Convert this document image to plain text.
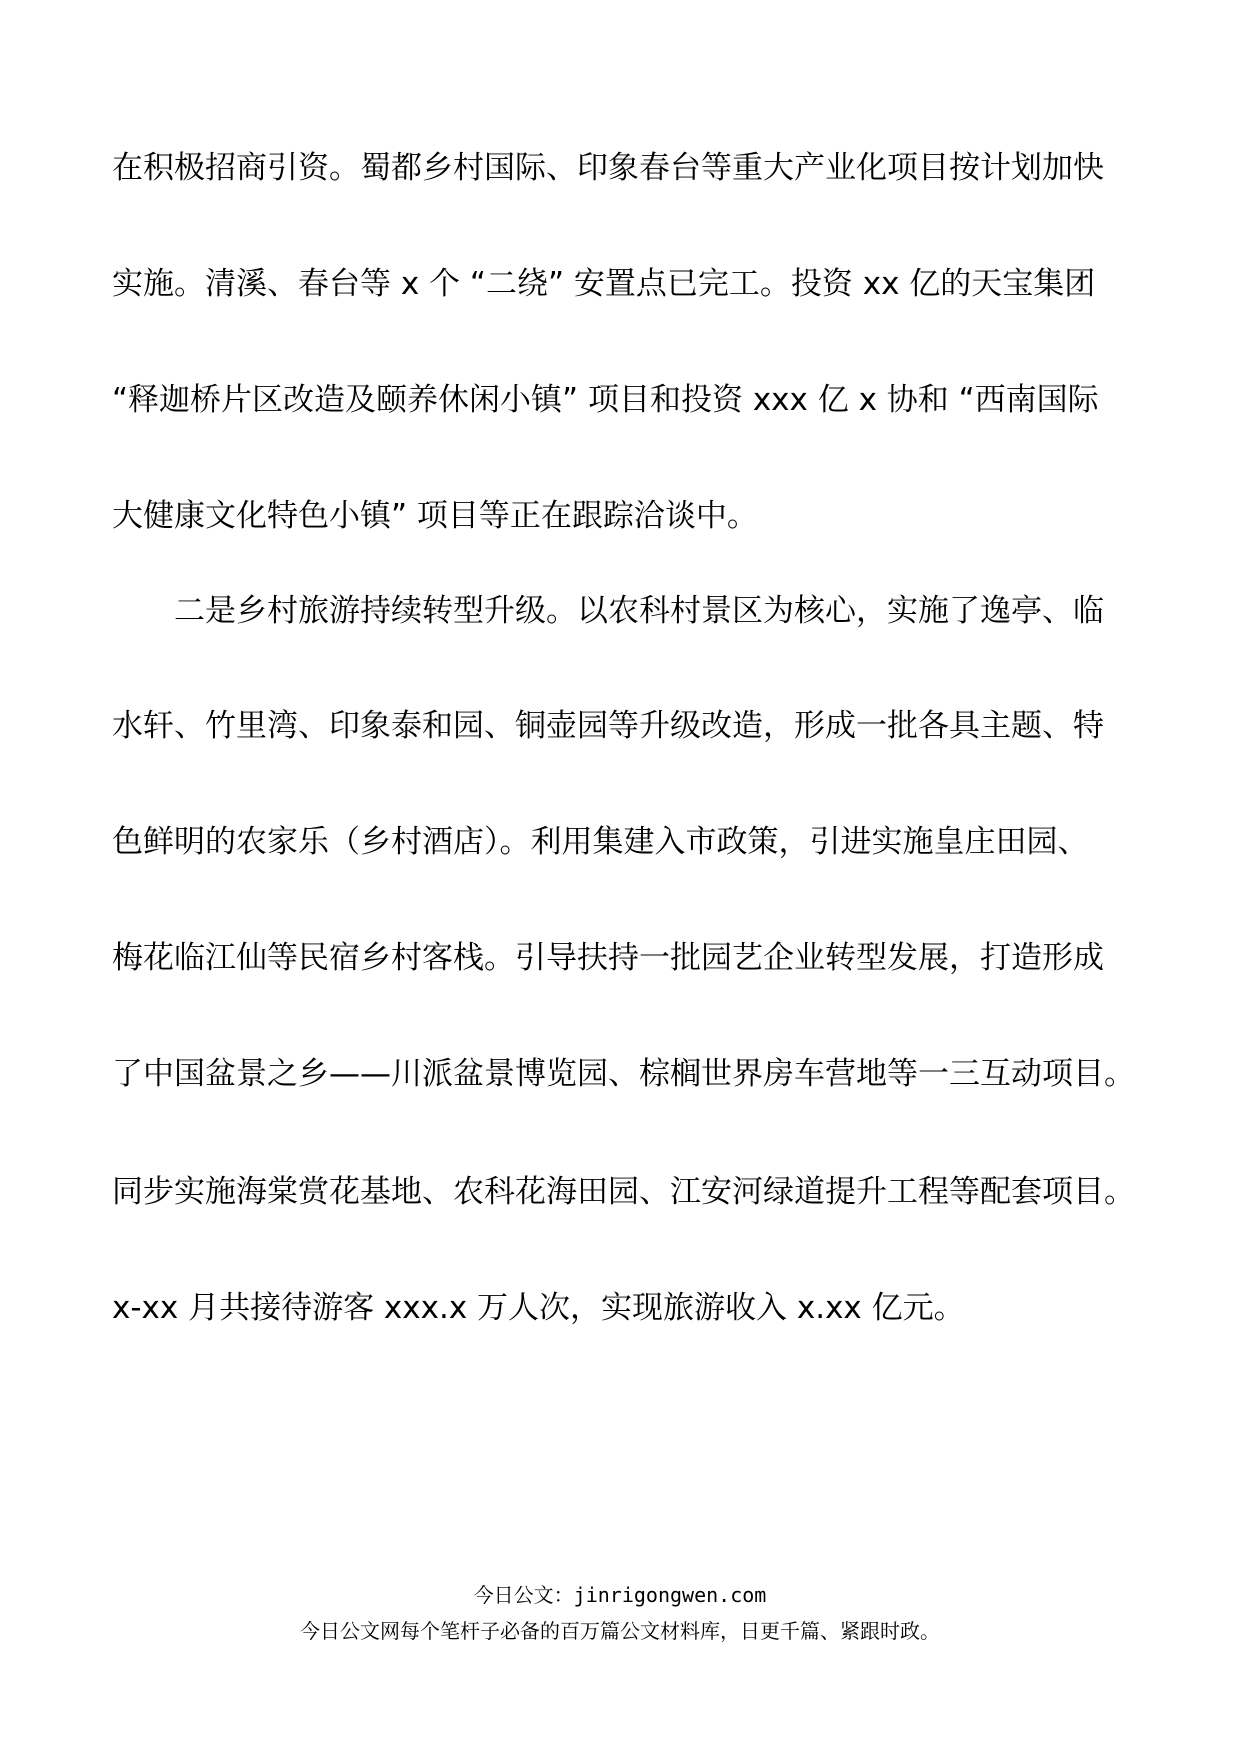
在积极招商引资。蜀都乡村国际、印象春台等重大产业化项目按计划加快
实施。清溪、春台等 x 个 “二绕” 安置点已完工。投资 xx 亿的天宝集团
“释迦桥片区改造及颐养休闲小镇” 项目和投资 xxx 亿 x 协和 “西南国际
大健康文化特色小镇” 项目等正在跟踪洽谈中。
二是乡村旅游持续转型升级。以农科村景区为核心，实施了逸亭、临
水轩、竹里湾、印象泰和园、铜壶园等升级改造，形成一批各具主题、特
色鲜明的农家乐（乡村酒店）。利用集建入市政策，引进实施皇庄田园、
梅花临江仙等民宿乡村客栈。引导扶持一批园艺企业转型发展，打造形成
了中国盆景之乡——川派盆景博览园、棕榈世界房车营地等一三互动项目。
同步实施海棠赏花基地、农科花海田园、江安河绿道提升工程等配套项目。
x-xx 月共接待游客 xxx.x 万人次，实现旅游收入 x.xx 亿元。
今日公文：jinrigongwen.com
今日公文网每个笔杆子必备的百万篇公文材料库，日更千篇、紧跟时政。
